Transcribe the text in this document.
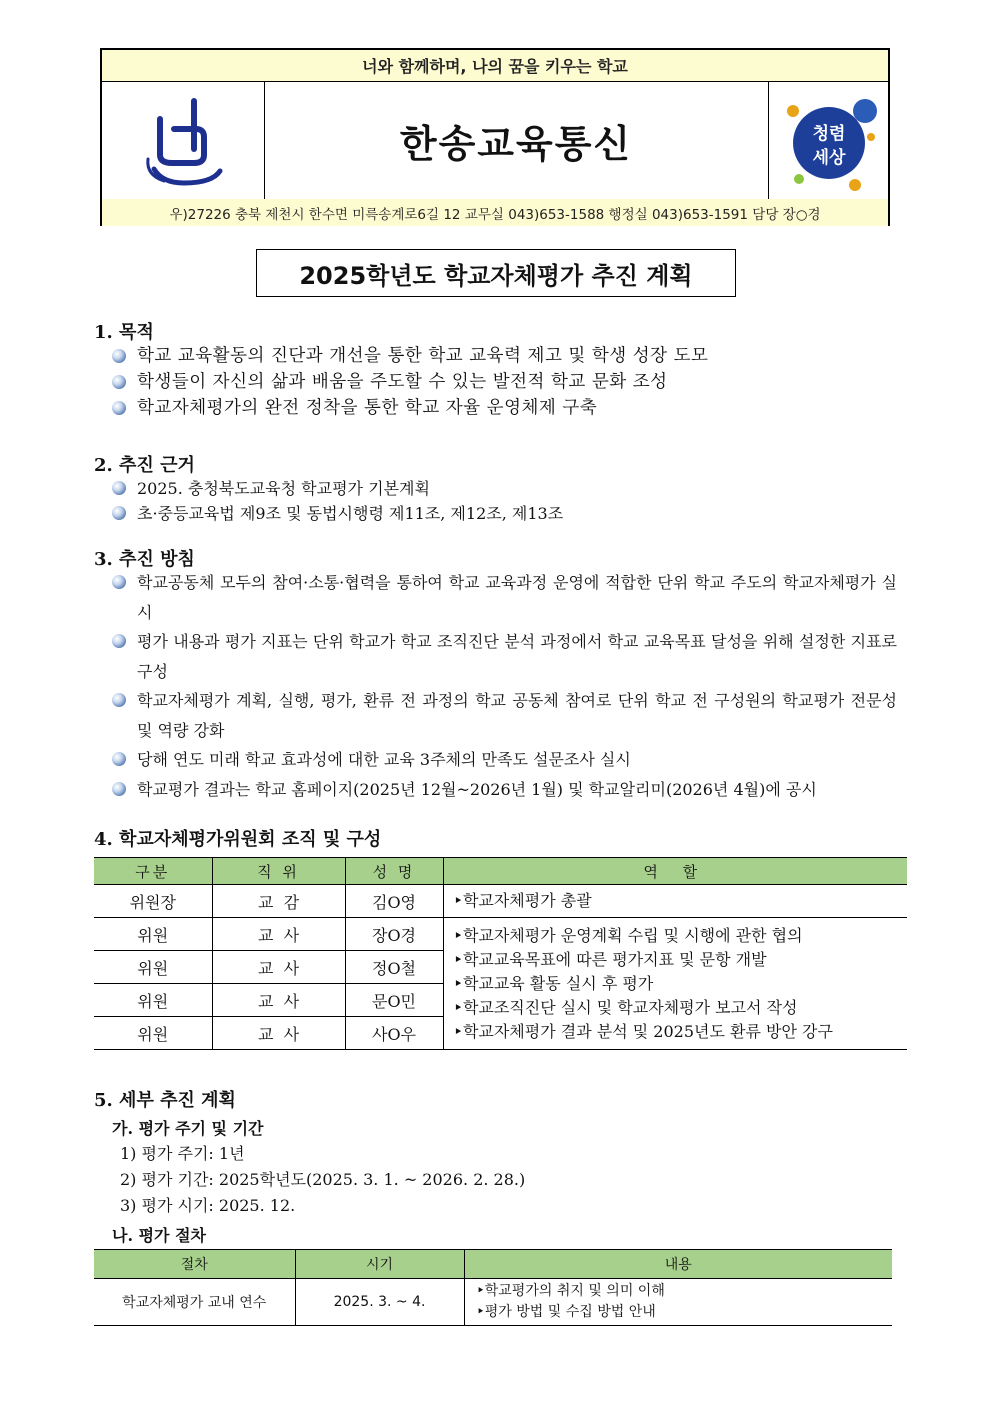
너와 함께하며, 나의 꿈을 키우는 학교
한송교육통신	청렴
세상
우)27226 충북 제천시 한수면 미륵송계로6길 12 교무실 043)653-1588 행정실 043)653-1591 담당 장○경
2025학년도 학교자체평가 추진 계획
1. 목적
학교 교육활동의 진단과 개선을 통한 학교 교육력 제고 및 학생 성장 도모
학생들이 자신의 삶과 배움을 주도할 수 있는 발전적 학교 문화 조성
학교자체평가의 완전 정착을 통한 학교 자율 운영체제 구축
2. 추진 근거
2025. 충청북도교육청 학교평가 기본계획
초·중등교육법 제9조 및 동법시행령 제11조, 제12조, 제13조
3. 추진 방침
학교공동체 모두의 참여·소통·협력을 통하여 학교 교육과정 운영에 적합한 단위 학교 주도의 학교자체평가 실시
평가 내용과 평가 지표는 단위 학교가 학교 조직진단 분석 과정에서 학교 교육목표 달성을 위해 설정한 지표로 구성
학교자체평가 계획, 실행, 평가, 환류 전 과정의 학교 공동체 참여로 단위 학교 전 구성원의 학교평가 전문성 및 역량 강화
당해 연도 미래 학교 효과성에 대한 교육 3주체의 만족도 설문조사 실시
학교평가 결과는 학교 홈페이지(2025년 12월~2026년 1월) 및 학교알리미(2026년 4월)에 공시
4. 학교자체평가위원회 조직 및 구성
구분	직 위	성 명	역 할
위원장	교  감	김O영	‣학교자체평가 총괄
위원	교  사	장O경	‣학교자체평가 운영계획 수립 및 시행에 관한 협의
‣학교교육목표에 따른 평가지표 및 문항 개발
‣학교교육 활동 실시 후 평가
‣학교조직진단 실시 및 학교자체평가 보고서 작성
‣학교자체평가 결과 분석 및 2025년도 환류 방안 강구

위원	교  사	정O철	
위원	교  사	문O민	
위원	교  사	사O우	
5. 세부 추진 계획
가. 평가 주기 및 기간
1) 평가 주기: 1년
2) 평가 기간: 2025학년도(2025. 3. 1. ~ 2026. 2. 28.)
3) 평가 시기: 2025. 12.
나. 평가 절차
절차	시기	내용
학교자체평가 교내 연수	2025. 3. ~ 4.	‣학교평가의 취지 및 의미 이해
‣평가 방법 및 수집 방법 안내
